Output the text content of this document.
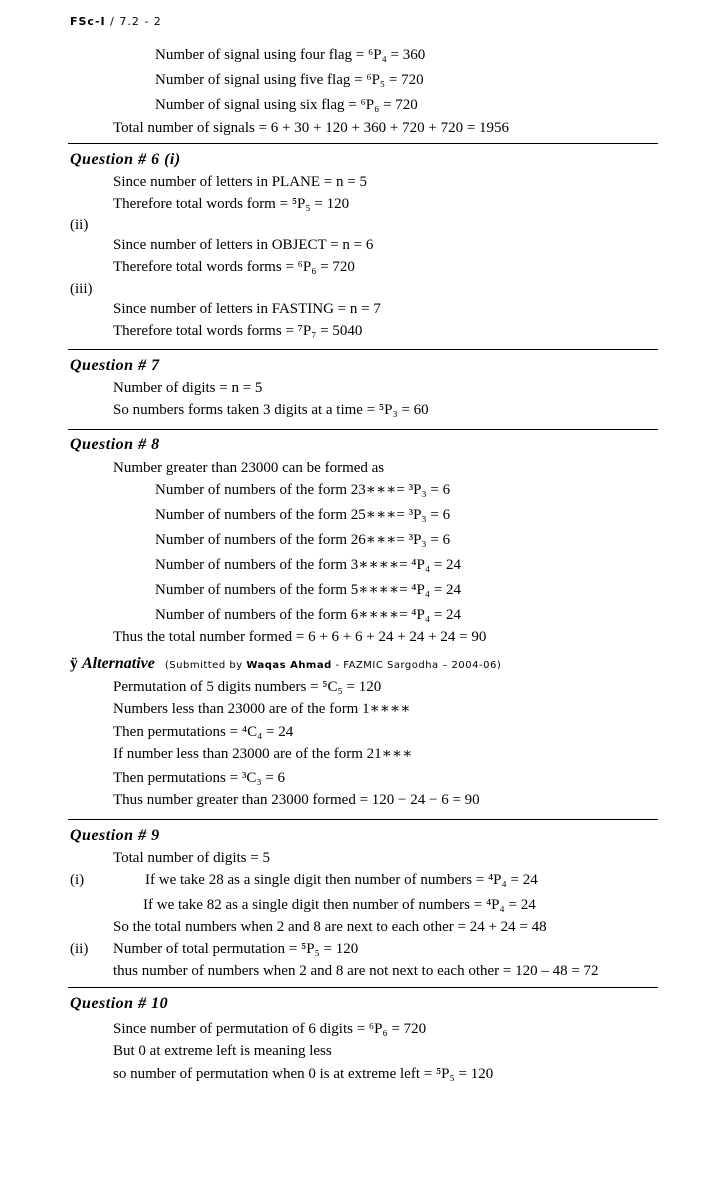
FSc-I / 7.2 - 2
Number of signal using four flag = ⁶P₄ = 360
Number of signal using five flag = ⁶P₅ = 720
Number of signal using six flag = ⁶P₆ = 720
Total number of signals = 6 + 30 + 120 + 360 + 720 + 720 = 1956
Question # 6 (i)
Since number of letters in PLANE = n = 5
Therefore total words form = ⁵P₅ = 120
(ii)
Since number of letters in OBJECT = n = 6
Therefore total words forms = ⁶P₆ = 720
(iii)
Since number of letters in FASTING = n = 7
Therefore total words forms = ⁷P₇ = 5040
Question # 7
Number of digits = n = 5
So numbers forms taken 3 digits at a time = ⁵P₃ = 60
Question # 8
Number greater than 23000 can be formed as
Number of numbers of the form 23∗∗∗= ³P₃ = 6
Number of numbers of the form 25∗∗∗= ³P₃ = 6
Number of numbers of the form 26∗∗∗= ³P₃ = 6
Number of numbers of the form 3∗∗∗∗= ⁴P₄ = 24
Number of numbers of the form 5∗∗∗∗= ⁴P₄ = 24
Number of numbers of the form 6∗∗∗∗= ⁴P₄ = 24
Thus the total number formed = 6 + 6 + 6 + 24 + 24 + 24 = 90
ÿ Alternative (Submitted by Waqas Ahmad - FAZMIC Sargodha – 2004-06)
Permutation of 5 digits numbers = ⁵C₅ = 120
Numbers less than 23000 are of the form 1∗∗∗∗
Then permutations = ⁴C₄ = 24
If number less than 23000 are of the form 21∗∗∗
Then permutations = ³C₃ = 6
Thus number greater than 23000 formed = 120 − 24 − 6 = 90
Question # 9
Total number of digits = 5
(i)	If we take 28 as a single digit then number of numbers = ⁴P₄ = 24
If we take 82 as a single digit then number of numbers = ⁴P₄ = 24
So the total numbers when 2 and 8 are next to each other = 24 + 24 = 48
(ii) Number of total permutation = ⁵P₅ = 120
thus number of numbers when 2 and 8 are not next to each other = 120 – 48 = 72
Question # 10
Since number of permutation of 6 digits = ⁶P₆ = 720
But 0 at extreme left is meaning less
so number of permutation when 0 is at extreme left = ⁵P₅ = 120
